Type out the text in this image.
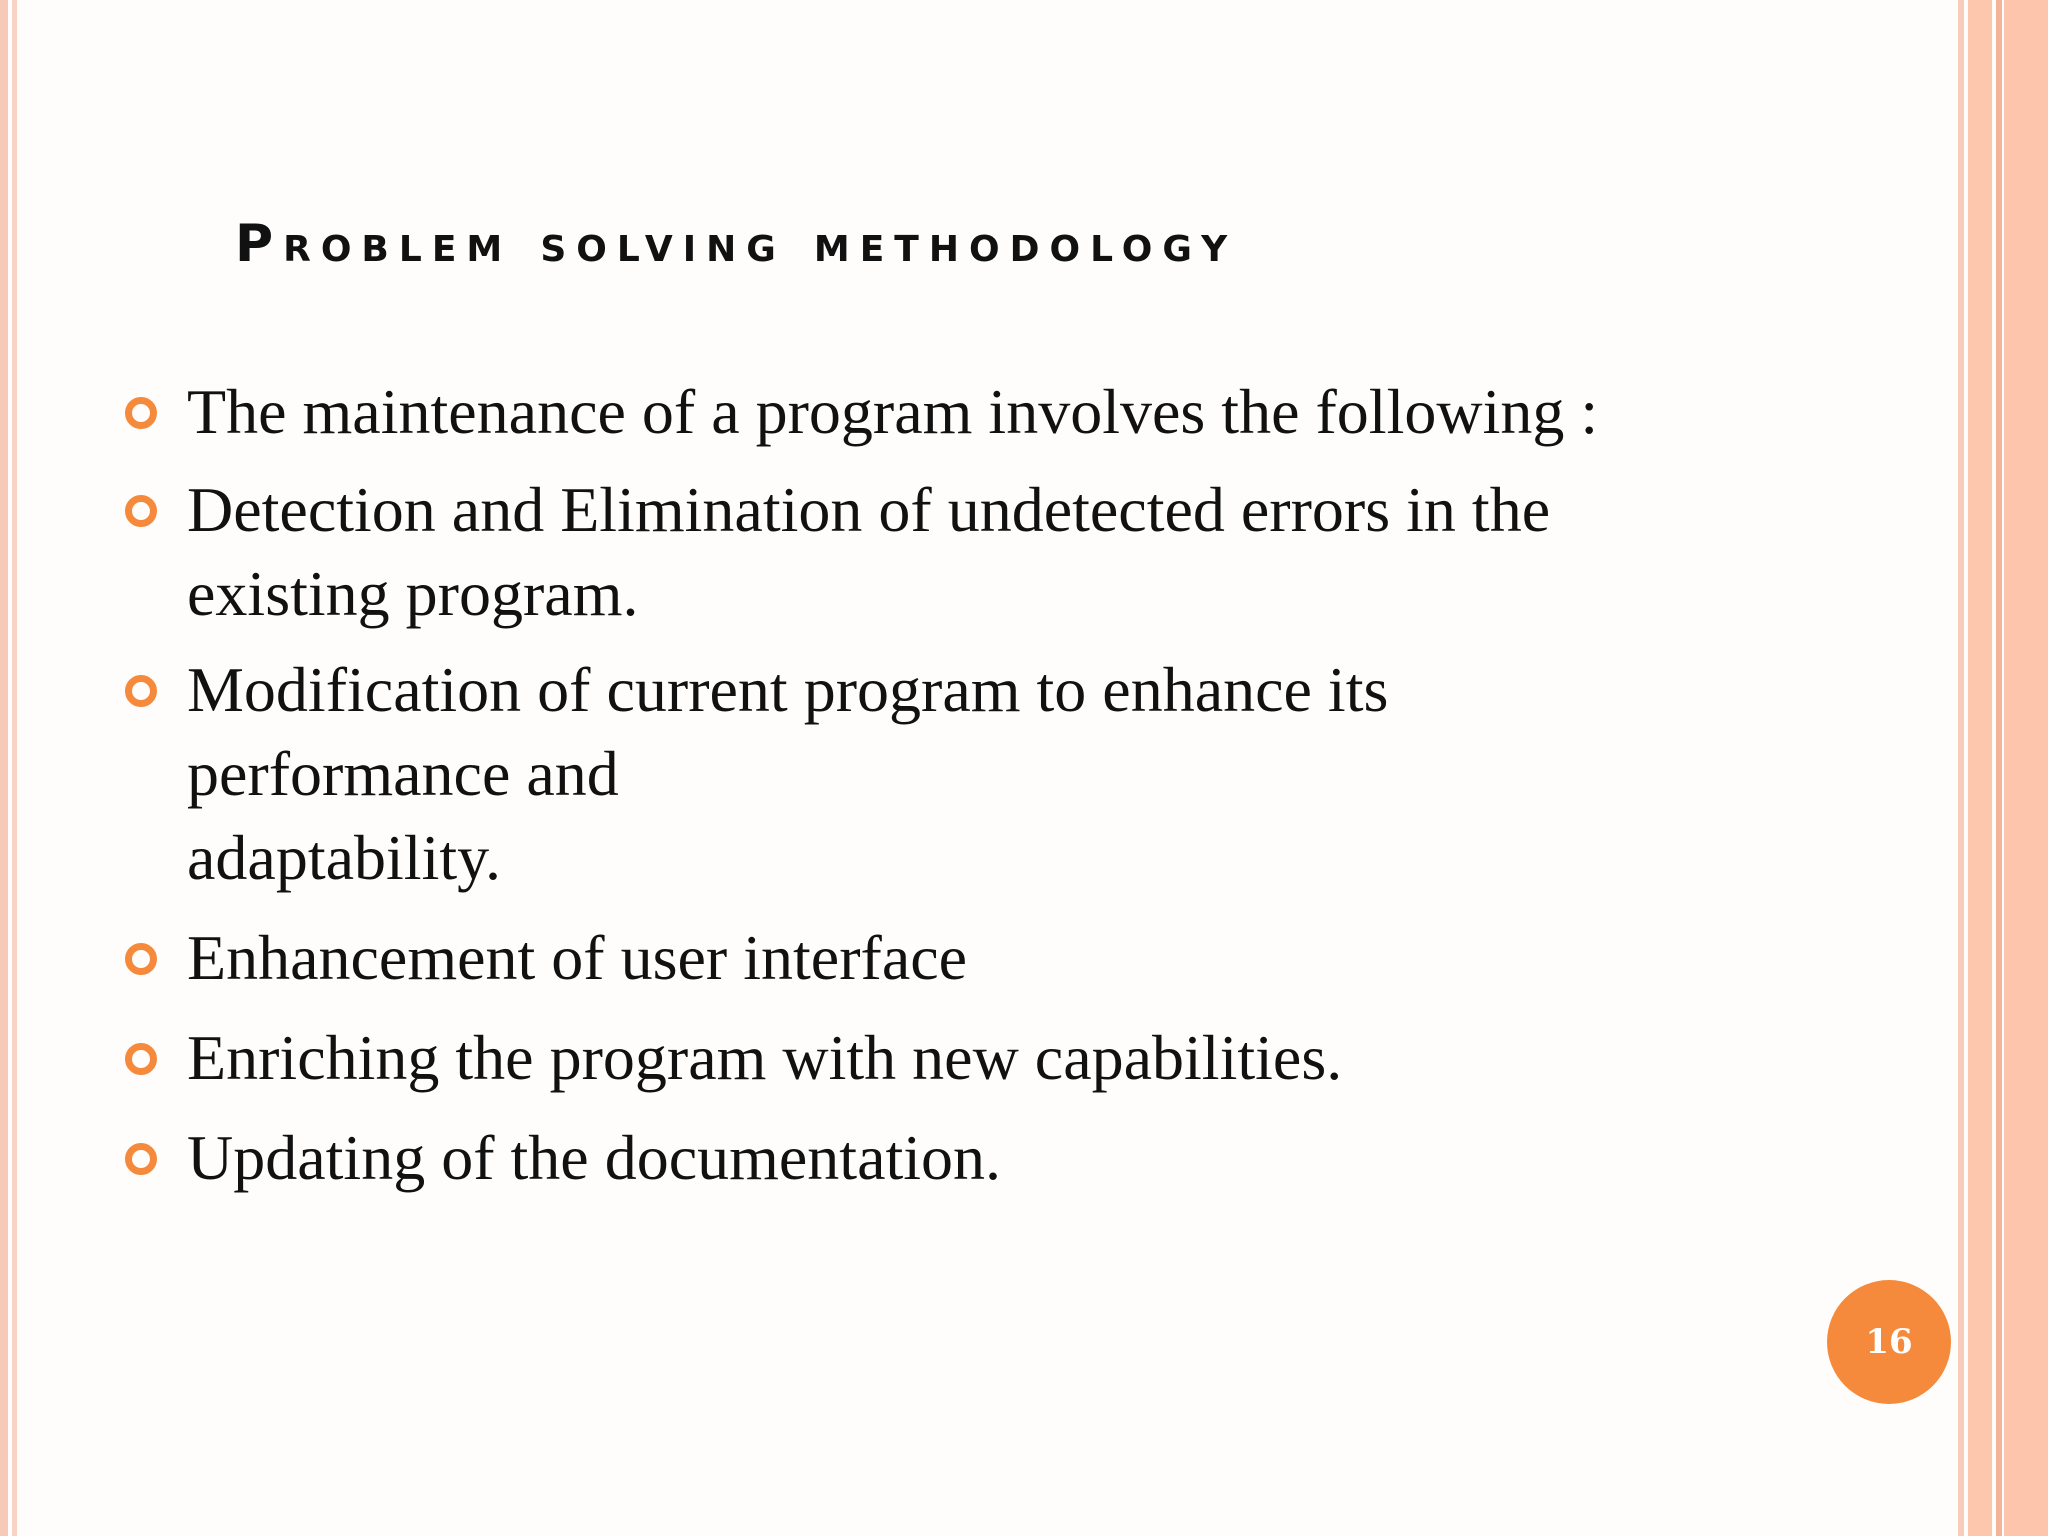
Problem solving methodology
The maintenance of a program involves the following :
Detection and Elimination of undetected errors in the
existing program.
Modification of current program to enhance its
performance and
adaptability.
Enhancement of user interface
Enriching the program with new capabilities.
Updating of the documentation.
16
